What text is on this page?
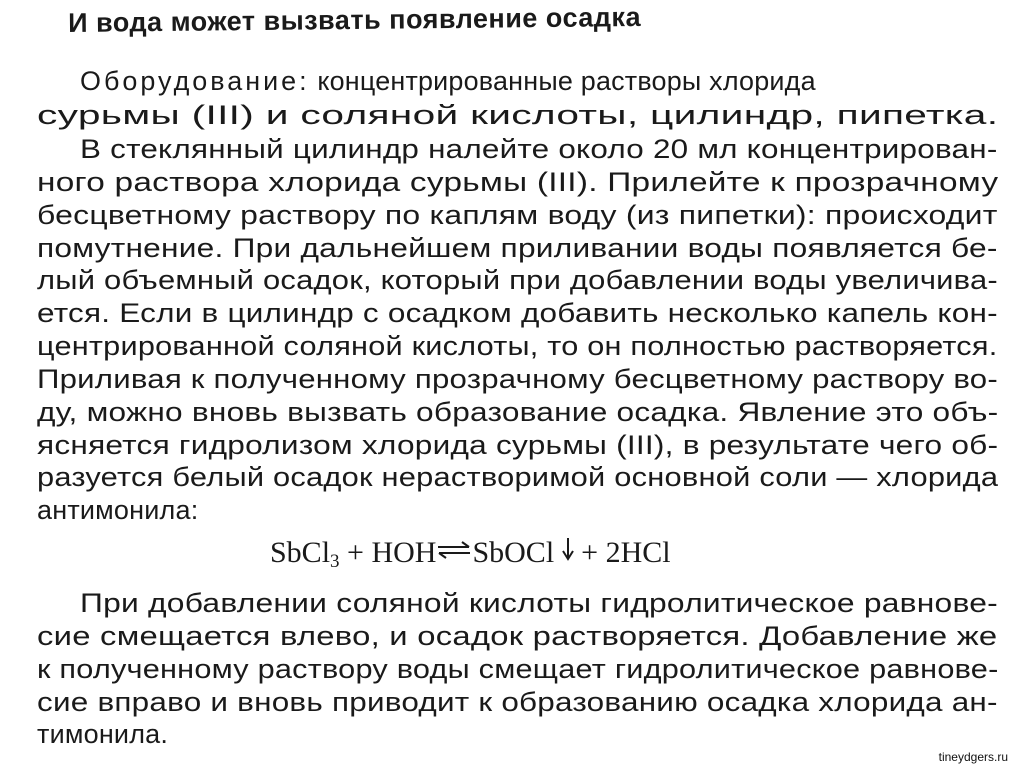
И вода может вызвать появление осадка
Оборудование: концентрированные растворы хлорида
сурьмы (III) и соляной кислоты, цилиндр, пипетка.
В стеклянный цилиндр налейте около 20 мл концентрирован-
ного раствора хлорида сурьмы (III). Прилейте к прозрачному
бесцветному раствору по каплям воду (из пипетки): происходит
помутнение. При дальнейшем приливании воды появляется бе-
лый объемный осадок, который при добавлении воды увеличива-
ется. Если в цилиндр с осадком добавить несколько капель кон-
центрированной соляной кислоты, то он полностью растворяется.
Приливая к полученному прозрачному бесцветному раствору во-
ду, можно вновь вызвать образование осадка. Явление это объ-
ясняется гидролизом хлорида сурьмы (III), в результате чего об-
разуется белый осадок нерастворимой основной соли — хлорида
антимонила:
SbCl$_3$ + HOH⇌SbOCl + 2HCl
При добавлении соляной кислоты гидролитическое равнове-
сие смещается влево, и осадок растворяется. Добавление же
к полученному раствору воды смещает гидролитическое равнове-
сие вправо и вновь приводит к образованию осадка хлорида ан-
тимонила.
tineydgers.ru
